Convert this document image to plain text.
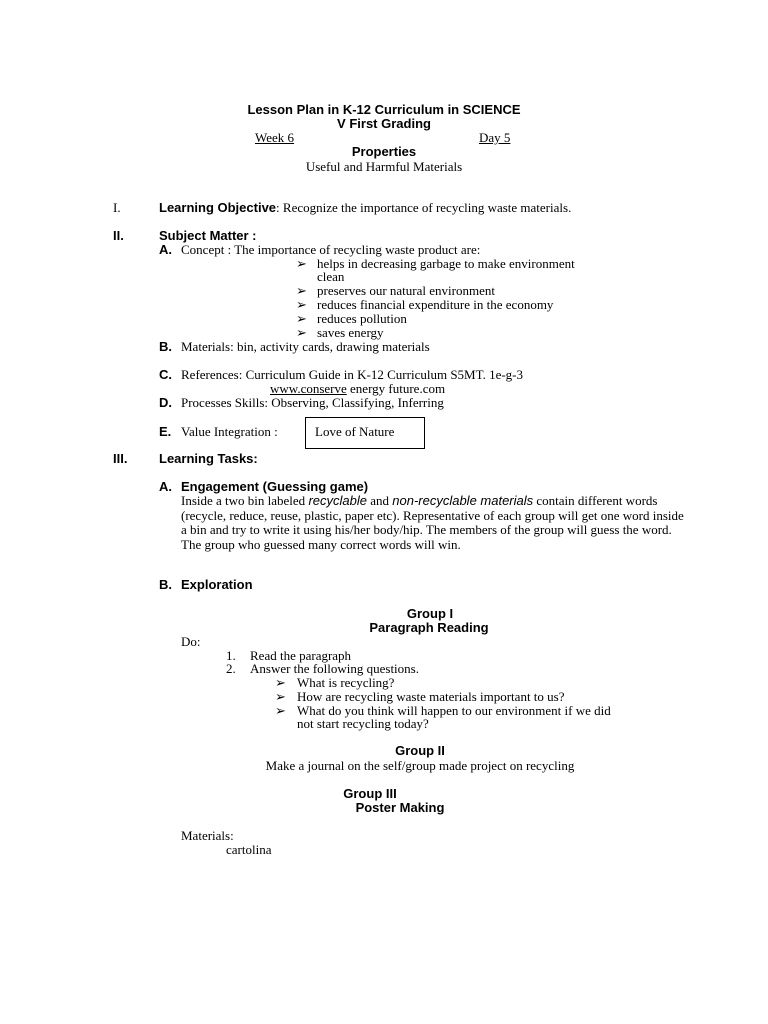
Lesson Plan in K-12 Curriculum in SCIENCE
V First Grading
Week 6	Day 5
Properties
Useful and Harmful Materials
I.	Learning Objective: Recognize the importance of recycling waste materials.
II.	Subject Matter :
A. Concept : The importance of recycling waste product are:
➢ helps in decreasing garbage to make environment
clean
➢ preserves our natural environment
➢ reduces financial expenditure in the economy
➢ reduces pollution
➢ saves energy
B. Materials: bin, activity cards, drawing materials
C. References: Curriculum Guide in K-12 Curriculum S5MT. 1e-g-3
www.conserve energy future.com
D. Processes Skills: Observing, Classifying, Inferring
E. Value Integration :	Love of Nature
III. Learning Tasks:
A. Engagement (Guessing game)
Inside a two bin labeled recyclable and non-recyclable materials contain different words (recycle, reduce, reuse, plastic, paper etc). Representative of each group will get one word inside a bin and try to write it using his/her body/hip. The members of the group will guess the word. The group who guessed many correct words will win.
B. Exploration
Group I
Paragraph Reading
Do:
1. Read the paragraph
2. Answer the following questions.
➢ What is recycling?
➢ How are recycling waste materials important to us?
➢ What do you think will happen to our environment if we did
not start recycling today?
Group II
Make a journal on the self/group made project on recycling
Group III
Poster Making
Materials:
cartolina
